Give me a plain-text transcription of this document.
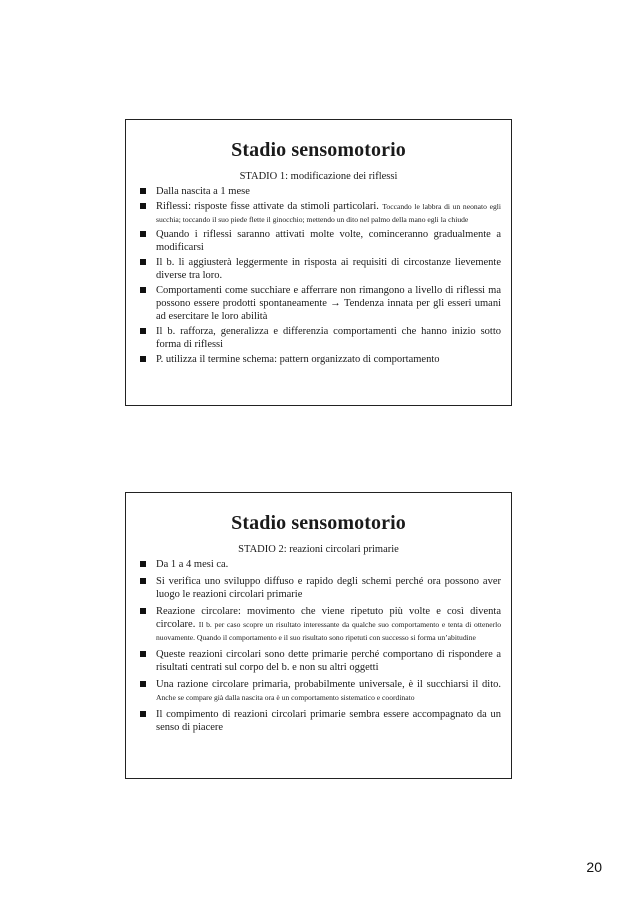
Stadio sensomotorio
STADIO 1: modificazione dei riflessi
Dalla nascita a 1 mese
Riflessi: risposte fisse attivate da stimoli particolari. Toccando le labbra di un neonato egli succhia; toccando il suo piede flette il ginocchio; mettendo un dito nel palmo della mano egli la chiude
Quando i riflessi saranno attivati molte volte, cominceranno gradualmente a modificarsi
Il b. li aggiusterà leggermente in risposta ai requisiti di circostanze lievemente diverse tra loro.
Comportamenti come succhiare e afferrare non rimangono a livello di riflessi ma possono essere prodotti spontaneamente → Tendenza innata per gli esseri umani ad esercitare le loro abilità
Il b. rafforza, generalizza e differenzia comportamenti che hanno inizio sotto forma di riflessi
P. utilizza il termine schema: pattern organizzato di comportamento
Stadio sensomotorio
STADIO 2: reazioni circolari primarie
Da 1 a 4 mesi ca.
Si verifica uno sviluppo diffuso e rapido degli schemi perché ora possono aver luogo le reazioni circolari primarie
Reazione circolare: movimento che viene ripetuto più volte e così diventa circolare. Il b. per caso scopre un risultato interessante da qualche suo comportamento e tenta di ottenerlo nuovamente. Quando il comportamento e il suo risultato sono ripetuti con successo si forma un’abitudine
Queste reazioni circolari sono dette primarie perché comportano di rispondere a risultati centrati sul corpo del b. e non su altri oggetti
Una razione circolare primaria, probabilmente universale, è il succhiarsi il dito. Anche se compare già dalla nascita ora è un comportamento sistematico e coordinato
Il compimento di reazioni circolari primarie sembra essere accompagnato da un senso di piacere
20
